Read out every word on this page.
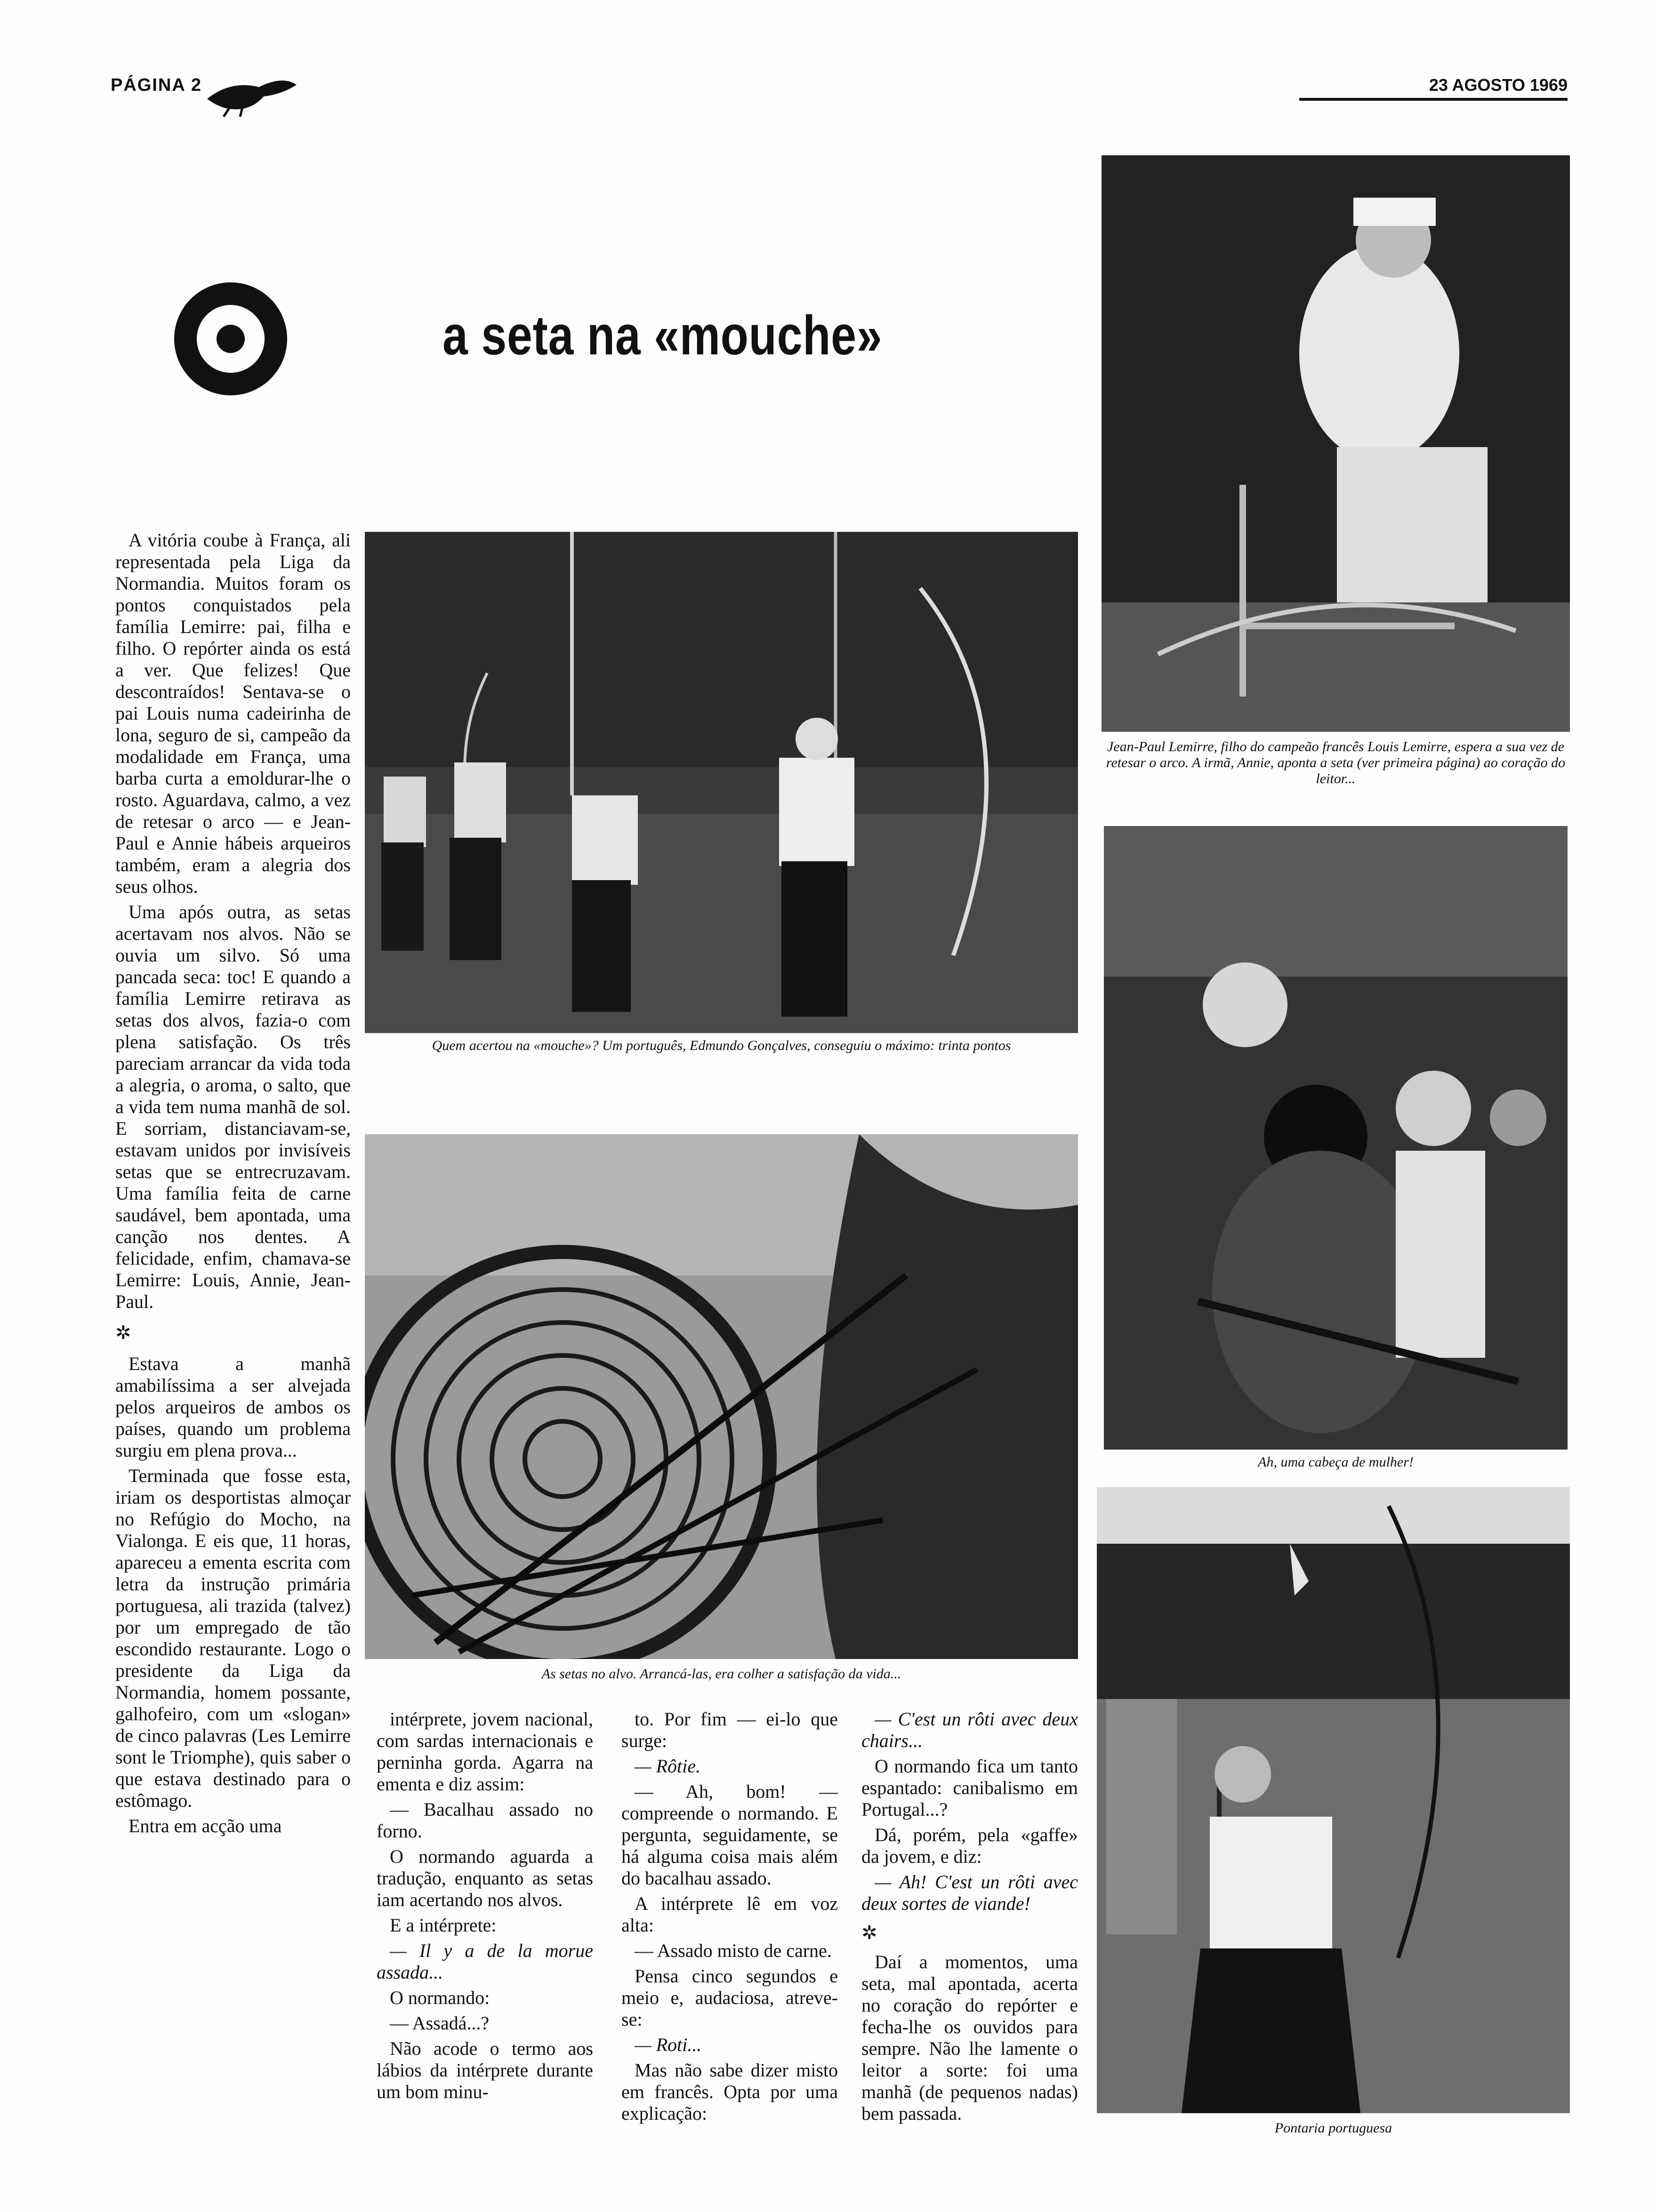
PÁGINA 2	23 AGOSTO 1969
a seta na «mouche»
Quem acertou na «mouche»? Um português, Edmundo Gonçalves, conseguiu o máximo: trinta pontos
As setas no alvo. Arrancá-las, era colher a satisfação da vida...
Jean-Paul Lemirre, filho do campeão francês Louis Lemirre, espera a sua vez de retesar o arco. A irmã, Annie, aponta a seta (ver primeira página) ao coração do leitor...
Ah, uma cabeça de mulher!
Pontaria portuguesa

A vitória coube à França, ali representada pela Liga da Normandia. Muitos foram os pontos conquistados pela família Lemirre: pai, filha e filho. O repórter ainda os está a ver. Que felizes! Que descontraídos! Sentava-se o pai Louis numa cadeirinha de lona, seguro de si, campeão da modalidade em França, uma barba curta a emoldurar-lhe o rosto. Aguardava, calmo, a vez de retesar o arco — e Jean-Paul e Annie hábeis arqueiros também, eram a alegria dos seus olhos.

Uma após outra, as setas acertavam nos alvos. Não se ouvia um silvo. Só uma pancada seca: toc! E quando a família Lemirre retirava as setas dos alvos, fazia-o com plena satisfação. Os três pareciam arrancar da vida toda a alegria, o aroma, o salto, que a vida tem numa manhã de sol. E sorriam, distanciavam-se, estavam unidos por invisíveis setas que se entrecruzavam. Uma família feita de carne saudável, bem apontada, uma canção nos dentes. A felicidade, enfim, chamava-se Lemirre: Louis, Annie, Jean-Paul.

✲

Estava a manhã amabilíssima a ser alvejada pelos arqueiros de ambos os países, quando um problema surgiu em plena prova...

Terminada que fosse esta, iriam os desportistas almoçar no Refúgio do Mocho, na Vialonga. E eis que, 11 horas, apareceu a ementa escrita com letra da instrução primária portuguesa, ali trazida (talvez) por um empregado de tão escondido restaurante. Logo o presidente da Liga da Normandia, homem possante, galhofeiro, com um «slogan» de cinco palavras (Les Lemirre sont le Triomphe), quis saber o que estava destinado para o estômago.

Entra em acção uma

intérprete, jovem nacional, com sardas internacionais e perninha gorda. Agarra na ementa e diz assim:

— Bacalhau assado no forno.

O normando aguarda a tradução, enquanto as setas iam acertando nos alvos.

E a intérprete:

— Il y a de la morue assada...

O normando:

— Assadá...?

Não acode o termo aos lábios da intérprete durante um bom minu-

to. Por fim — ei-lo que surge:

— Rôtie.

— Ah, bom! — compreende o normando. E pergunta, seguidamente, se há alguma coisa mais além do bacalhau assado.

A intérprete lê em voz alta:

— Assado misto de carne.

Pensa cinco segundos e meio e, audaciosa, atreve-se:

— Roti...

Mas não sabe dizer misto em francês. Opta por uma explicação:

— C'est un rôti avec deux chairs...

O normando fica um tanto espantado: canibalismo em Portugal...?

Dá, porém, pela «gaffe» da jovem, e diz:

— Ah! C'est un rôti avec deux sortes de viande!

✲

Daí a momentos, uma seta, mal apontada, acerta no coração do repórter e fecha-lhe os ouvidos para sempre. Não lhe lamente o leitor a sorte: foi uma manhã (de pequenos nadas) bem passada.
